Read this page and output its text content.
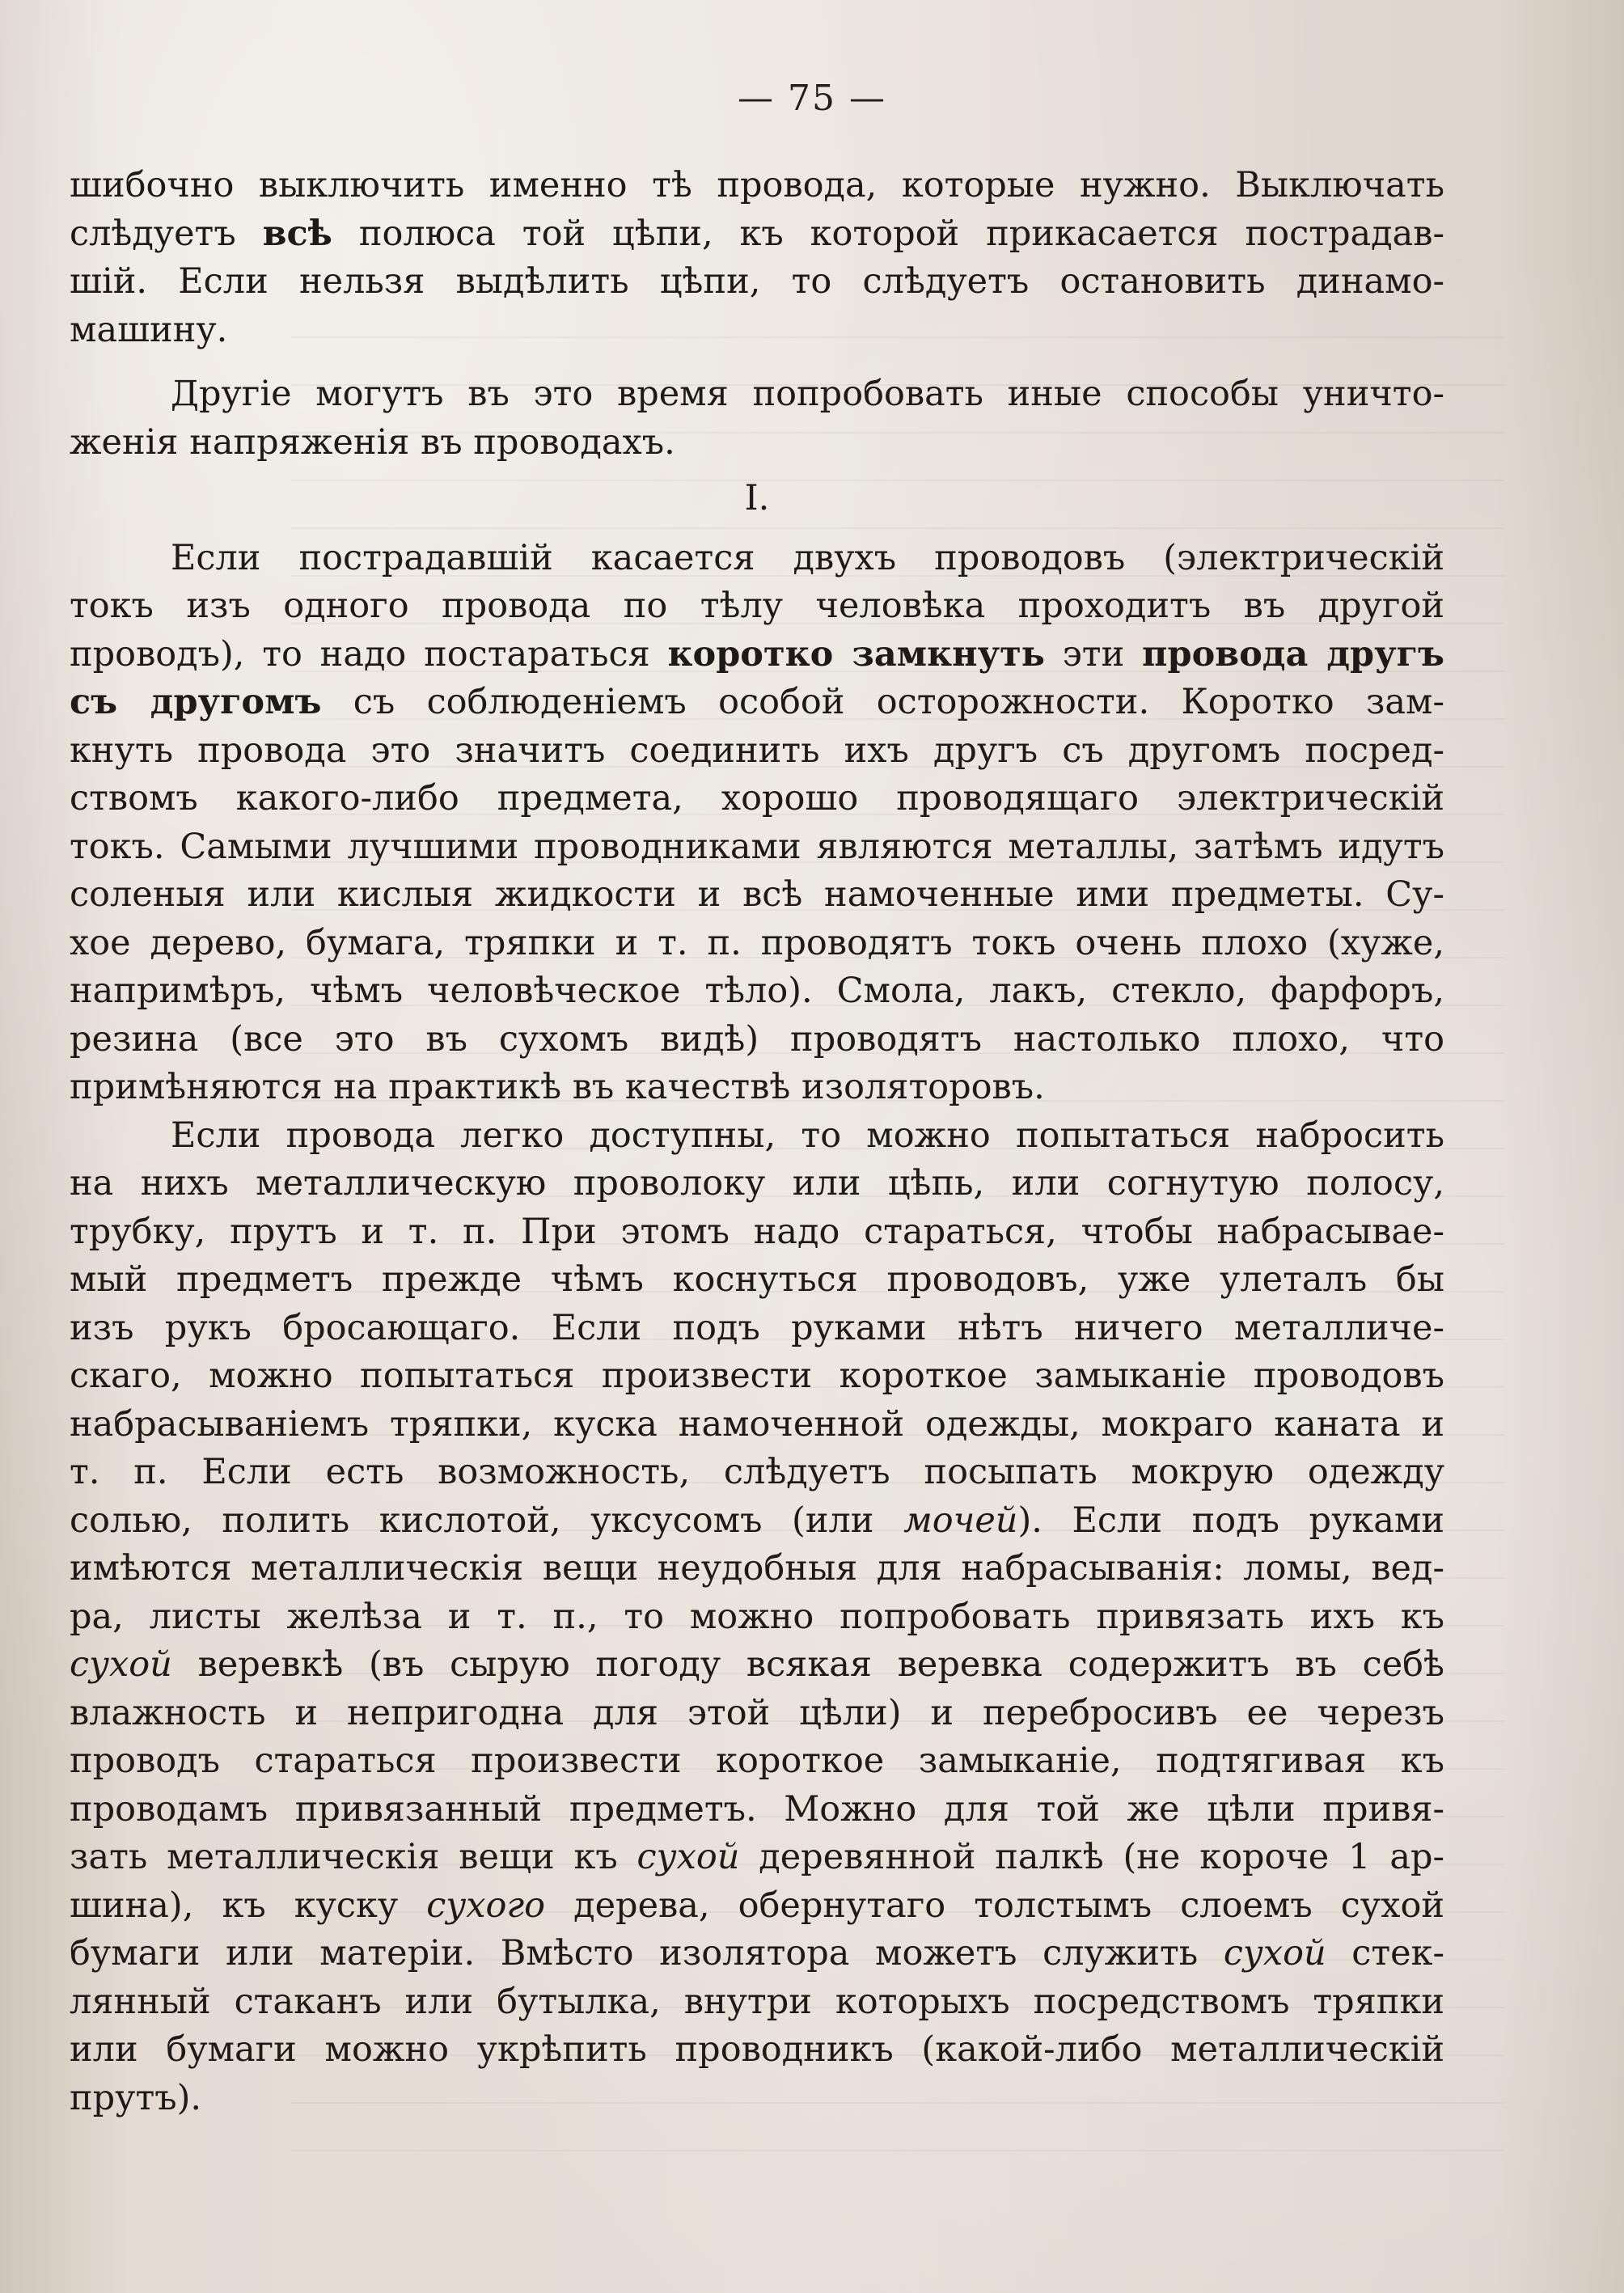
— 75 —
шибочно выключить именно тѣ провода, которые нужно. Выключать
слѣдуетъ всѣ полюса той цѣпи, къ которой прикасается пострадав-
шій. Если нельзя выдѣлить цѣпи, то слѣдуетъ остановить динамо-
машину.
Другіе могутъ въ это время попробовать иные способы уничто-
женія напряженія въ проводахъ.
I.
Если пострадавшій касается двухъ проводовъ (электрическій
токъ изъ одного провода по тѣлу человѣка проходитъ въ другой
проводъ), то надо постараться коротко замкнуть эти провода другъ
съ другомъ съ соблюденіемъ особой осторожности. Коротко зам-
кнуть провода это значитъ соединить ихъ другъ съ другомъ посред-
ствомъ какого-либо предмета, хорошо проводящаго электрическій
токъ. Самыми лучшими проводниками являются металлы, затѣмъ идутъ
соленыя или кислыя жидкости и всѣ намоченные ими предметы. Су-
хое дерево, бумага, тряпки и т. п. проводятъ токъ очень плохо (хуже,
напримѣръ, чѣмъ человѣческое тѣло). Смола, лакъ, стекло, фарфоръ,
резина (все это въ сухомъ видѣ) проводятъ настолько плохо, что
примѣняются на практикѣ въ качествѣ изоляторовъ.
Если провода легко доступны, то можно попытаться набросить
на нихъ металлическую проволоку или цѣпь, или согнутую полосу,
трубку, прутъ и т. п. При этомъ надо стараться, чтобы набрасывае-
мый предметъ прежде чѣмъ коснуться проводовъ, уже улеталъ бы
изъ рукъ бросающаго. Если подъ руками нѣтъ ничего металличе-
скаго, можно попытаться произвести короткое замыканіе проводовъ
набрасываніемъ тряпки, куска намоченной одежды, мокраго каната и
т. п. Если есть возможность, слѣдуетъ посыпать мокрую одежду
солью, полить кислотой, уксусомъ (или мочей). Если подъ руками
имѣются металлическія вещи неудобныя для набрасыванія: ломы, вед-
ра, листы желѣза и т. п., то можно попробовать привязать ихъ къ
сухой веревкѣ (въ сырую погоду всякая веревка содержитъ въ себѣ
влажность и непригодна для этой цѣли) и перебросивъ ее черезъ
проводъ стараться произвести короткое замыканіе, подтягивая къ
проводамъ привязанный предметъ. Можно для той же цѣли привя-
зать металлическія вещи къ сухой деревянной палкѣ (не короче 1 ар-
шина), къ куску сухого дерева, обернутаго толстымъ слоемъ сухой
бумаги или матеріи. Вмѣсто изолятора можетъ служить сухой стек-
лянный стаканъ или бутылка, внутри которыхъ посредствомъ тряпки
или бумаги можно укрѣпить проводникъ (какой-либо металлическій
прутъ).
